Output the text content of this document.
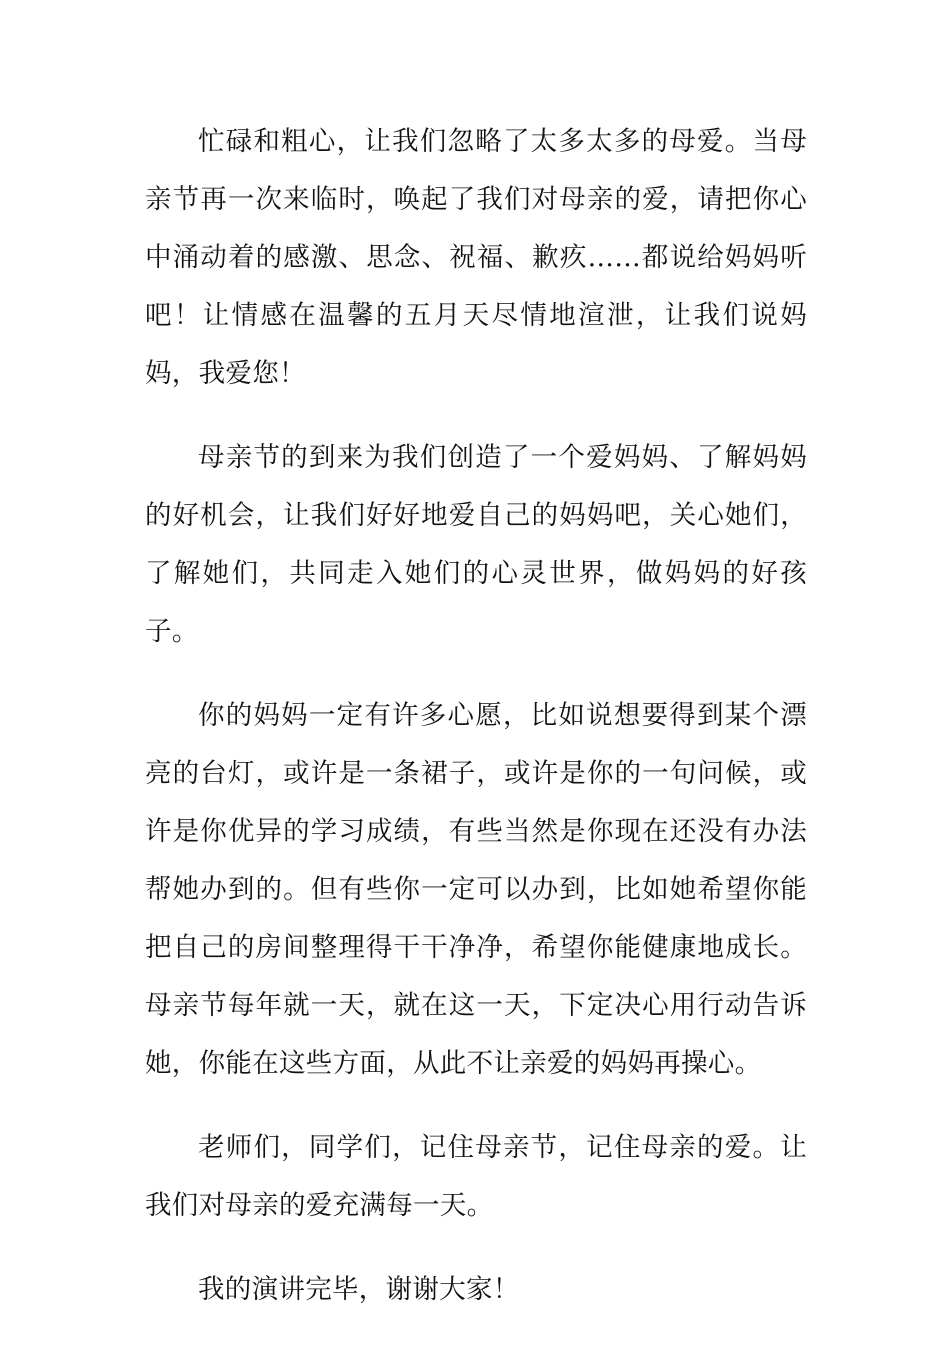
忙碌和粗心，让我们忽略了太多太多的母爱。当母亲节再一次来临时，唤起了我们对母亲的爱，请把你心中涌动着的感激、思念、祝福、歉疚……都说给妈妈听吧！让情感在温馨的五月天尽情地渲泄，让我们说妈妈，我爱您！

母亲节的到来为我们创造了一个爱妈妈、了解妈妈的好机会，让我们好好地爱自己的妈妈吧，关心她们，了解她们，共同走入她们的心灵世界，做妈妈的好孩子。

你的妈妈一定有许多心愿，比如说想要得到某个漂亮的台灯，或许是一条裙子，或许是你的一句问候，或许是你优异的学习成绩，有些当然是你现在还没有办法帮她办到的。但有些你一定可以办到，比如她希望你能把自己的房间整理得干干净净，希望你能健康地成长。母亲节每年就一天，就在这一天，下定决心用行动告诉她，你能在这些方面，从此不让亲爱的妈妈再操心。

老师们，同学们，记住母亲节，记住母亲的爱。让我们对母亲的爱充满每一天。

我的演讲完毕，谢谢大家！
